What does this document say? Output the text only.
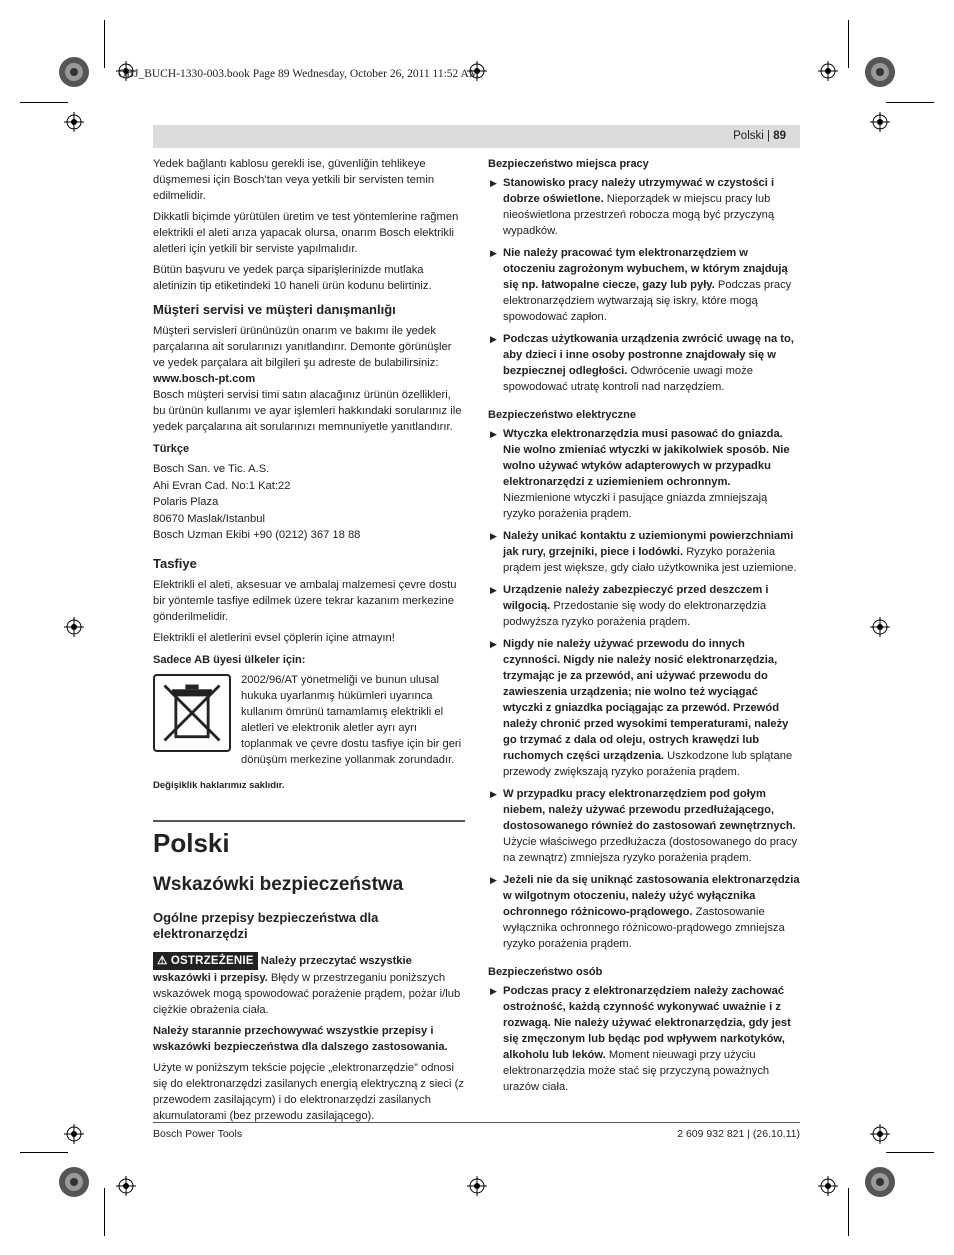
OBJ_BUCH-1330-003.book Page 89 Wednesday, October 26, 2011 11:52 AM
Polski | 89

Yedek bağlantı kablosu gerekli ise, güvenliğin tehlikeye düşmemesi için Bosch’tan veya yetkili bir servisten temin edilmelidir.

Dikkatli biçimde yürütülen üretim ve test yöntemlerine rağmen elektrikli el aleti arıza yapacak olursa, onarım Bosch elektrikli aletleri için yetkili bir serviste yapılmalıdır.

Bütün başvuru ve yedek parça siparişlerinizde mutlaka aletinizin tip etiketindeki 10 haneli ürün kodunu belirtiniz.

Müşteri servisi ve müşteri danışmanlığı

Müşteri servisleri ürününüzün onarım ve bakımı ile yedek parçalarına ait sorularınızı yanıtlandırır. Demonte görünüşler ve yedek parçalara ait bilgileri şu adreste de bulabilirsiniz:

www.bosch-pt.com

Bosch müşteri servisi timi satın alacağınız ürünün özellikleri, bu ürünün kullanımı ve ayar işlemleri hakkındaki sorularınız ile yedek parçalarına ait sorularınızı memnuniyetle yanıtlandırır.

Türkçe
Bosch San. ve Tic. A.S.
Ahi Evran Cad. No:1 Kat:22
Polaris Plaza
80670 Maslak/Istanbul
Bosch Uzman Ekibi +90 (0212) 367 18 88
Tasfiye

Elektrikli el aleti, aksesuar ve ambalaj malzemesi çevre dostu bir yöntemle tasfiye edilmek üzere tekrar kazanım merkezine gönderilmelidir.

Elektrikli el aletlerini evsel çöplerin içine atmayın!

Sadece AB üyesi ülkeler için:

2002/96/AT yönetmeliği ve bunun ulusal hukuka uyarlanmış hükümleri uyarınca kullanım ömrünü tamamlamış elektrikli el aletleri ve elektronik aletler ayrı ayrı toplanmak ve çevre dostu tasfiye için bir geri dönüşüm merkezine yollanmak zorundadır.

Değişiklik haklarımız saklıdır.
Polski
Wskazówki bezpieczeństwa
Ogólne przepisy bezpieczeństwa dla elektronarzędzi

⚠ OSTRZEŻENIE Należy przeczytać wszystkie wskazówki i przepisy. Błędy w przestrzeganiu poniższych wskazówek mogą spowodować porażenie prądem, pożar i/lub ciężkie obrażenia ciała.

Należy starannie przechowywać wszystkie przepisy i wskazówki bezpieczeństwa dla dalszego zastosowania.

Użyte w poniższym tekście pojęcie „elektronarzędzie” odnosi się do elektronarzędzi zasilanych energią elektryczną z sieci (z przewodem zasilającym) i do elektronarzędzi zasilanych akumulatorami (bez przewodu zasilającego).

Bezpieczeństwo miejsca pracy
▶ Stanowisko pracy należy utrzymywać w czystości i dobrze oświetlone. Nieporządek w miejscu pracy lub nieoświetlona przestrzeń robocza mogą być przyczyną wypadków.
▶ Nie należy pracować tym elektronarzędziem w otoczeniu zagrożonym wybuchem, w którym znajdują się np. łatwopalne ciecze, gazy lub pyły. Podczas pracy elektronarzędziem wytwarzają się iskry, które mogą spowodować zapłon.
▶ Podczas użytkowania urządzenia zwrócić uwagę na to, aby dzieci i inne osoby postronne znajdowały się w bezpiecznej odległości. Odwrócenie uwagi może spowodować utratę kontroli nad narzędziem.
Bezpieczeństwo elektryczne
▶ Wtyczka elektronarzędzia musi pasować do gniazda. Nie wolno zmieniać wtyczki w jakikolwiek sposób. Nie wolno używać wtyków adapterowych w przypadku elektronarzędzi z uziemieniem ochronnym. Niezmienione wtyczki i pasujące gniazda zmniejszają ryzyko porażenia prądem.
▶ Należy unikać kontaktu z uziemionymi powierzchniami jak rury, grzejniki, piece i lodówki. Ryzyko porażenia prądem jest większe, gdy ciało użytkownika jest uziemione.
▶ Urządzenie należy zabezpieczyć przed deszczem i wilgocią. Przedostanie się wody do elektronarzędzia podwyższa ryzyko porażenia prądem.
▶ Nigdy nie należy używać przewodu do innych czynności. Nigdy nie należy nosić elektronarzędzia, trzymając je za przewód, ani używać przewodu do zawieszenia urządzenia; nie wolno też wyciągać wtyczki z gniazdka pociągając za przewód. Przewód należy chronić przed wysokimi temperaturami, należy go trzymać z dala od oleju, ostrych krawędzi lub ruchomych części urządzenia. Uszkodzone lub splątane przewody zwiększają ryzyko porażenia prądem.
▶ W przypadku pracy elektronarzędziem pod gołym niebem, należy używać przewodu przedłużającego, dostosowanego również do zastosowań zewnętrznych. Użycie właściwego przedłużacza (dostosowanego do pracy na zewnątrz) zmniejsza ryzyko porażenia prądem.
▶ Jeżeli nie da się uniknąć zastosowania elektronarzędzia w wilgotnym otoczeniu, należy użyć wyłącznika ochronnego różnicowo-prądowego. Zastosowanie wyłącznika ochronnego różnicowo-prądowego zmniejsza ryzyko porażenia prądem.
Bezpieczeństwo osób
▶ Podczas pracy z elektronarzędziem należy zachować ostrożność, każdą czynność wykonywać uważnie i z rozwagą. Nie należy używać elektronarzędzia, gdy jest się zmęczonym lub będąc pod wpływem narkotyków, alkoholu lub leków. Moment nieuwagi przy użyciu elektronarzędzia może stać się przyczyną poważnych urazów ciała.
Bosch Power Tools	2 609 932 821 | (26.10.11)
